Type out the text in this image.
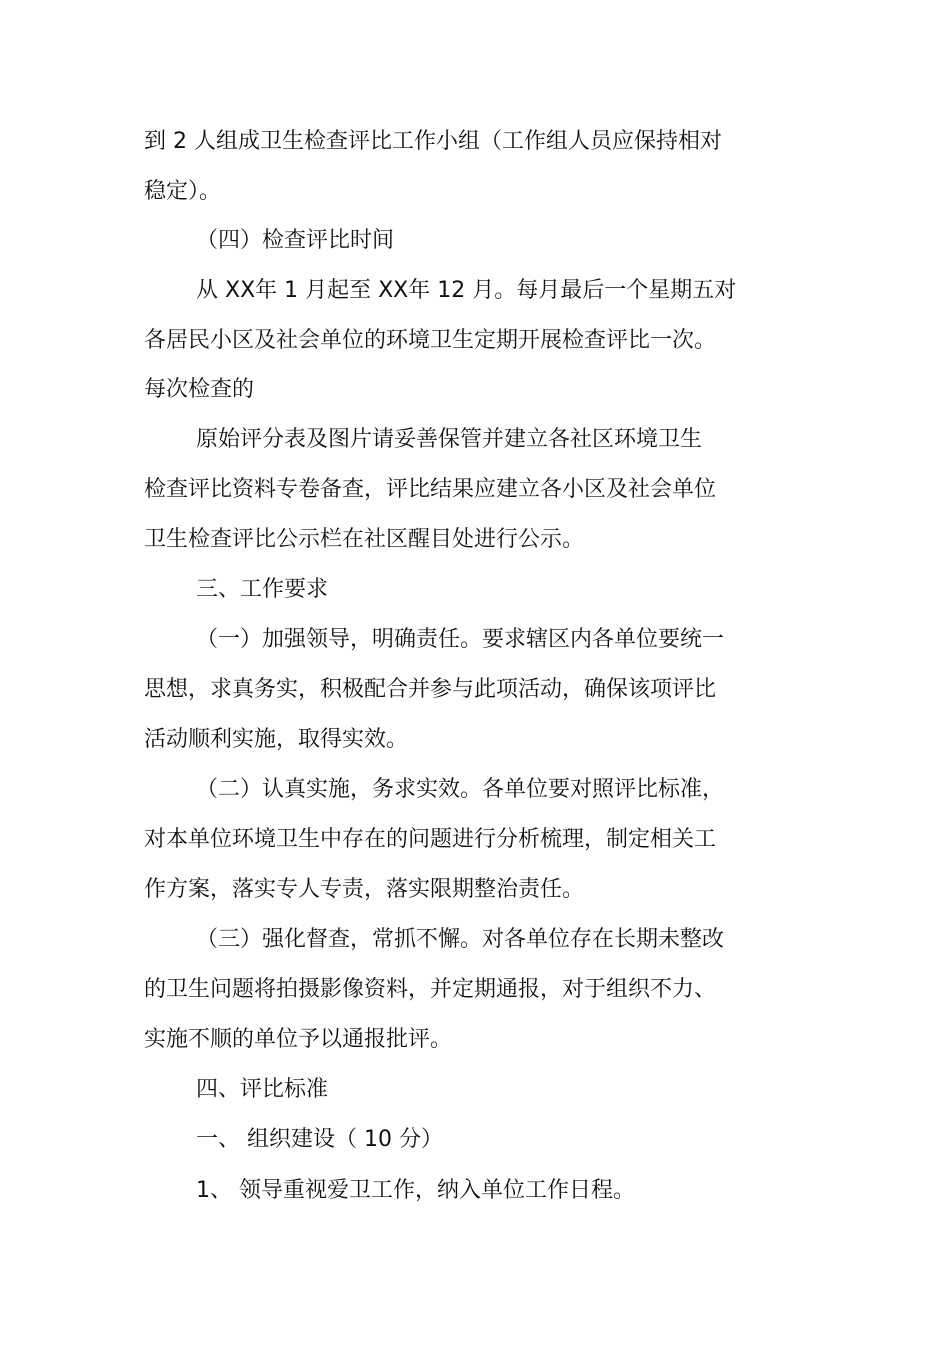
到 2 人组成卫生检查评比工作小组（工作组人员应保持相对
稳定）。
（四）检查评比时间
从 XX年 1 月起至 XX年 12 月。每月最后一个星期五对
各居民小区及社会单位的环境卫生定期开展检查评比一次。
每次检查的
原始评分表及图片请妥善保管并建立各社区环境卫生
检查评比资料专卷备查，评比结果应建立各小区及社会单位
卫生检查评比公示栏在社区醒目处进行公示。
三、工作要求
（一）加强领导，明确责任。要求辖区内各单位要统一
思想，求真务实，积极配合并参与此项活动，确保该项评比
活动顺利实施，取得实效。
（二）认真实施，务求实效。各单位要对照评比标准，
对本单位环境卫生中存在的问题进行分析梳理，制定相关工
作方案，落实专人专责，落实限期整治责任。
（三）强化督查，常抓不懈。对各单位存在长期未整改
的卫生问题将拍摄影像资料，并定期通报，对于组织不力、
实施不顺的单位予以通报批评。
四、评比标准
一、 组织建设（ 10 分）
1、 领导重视爱卫工作，纳入单位工作日程。
